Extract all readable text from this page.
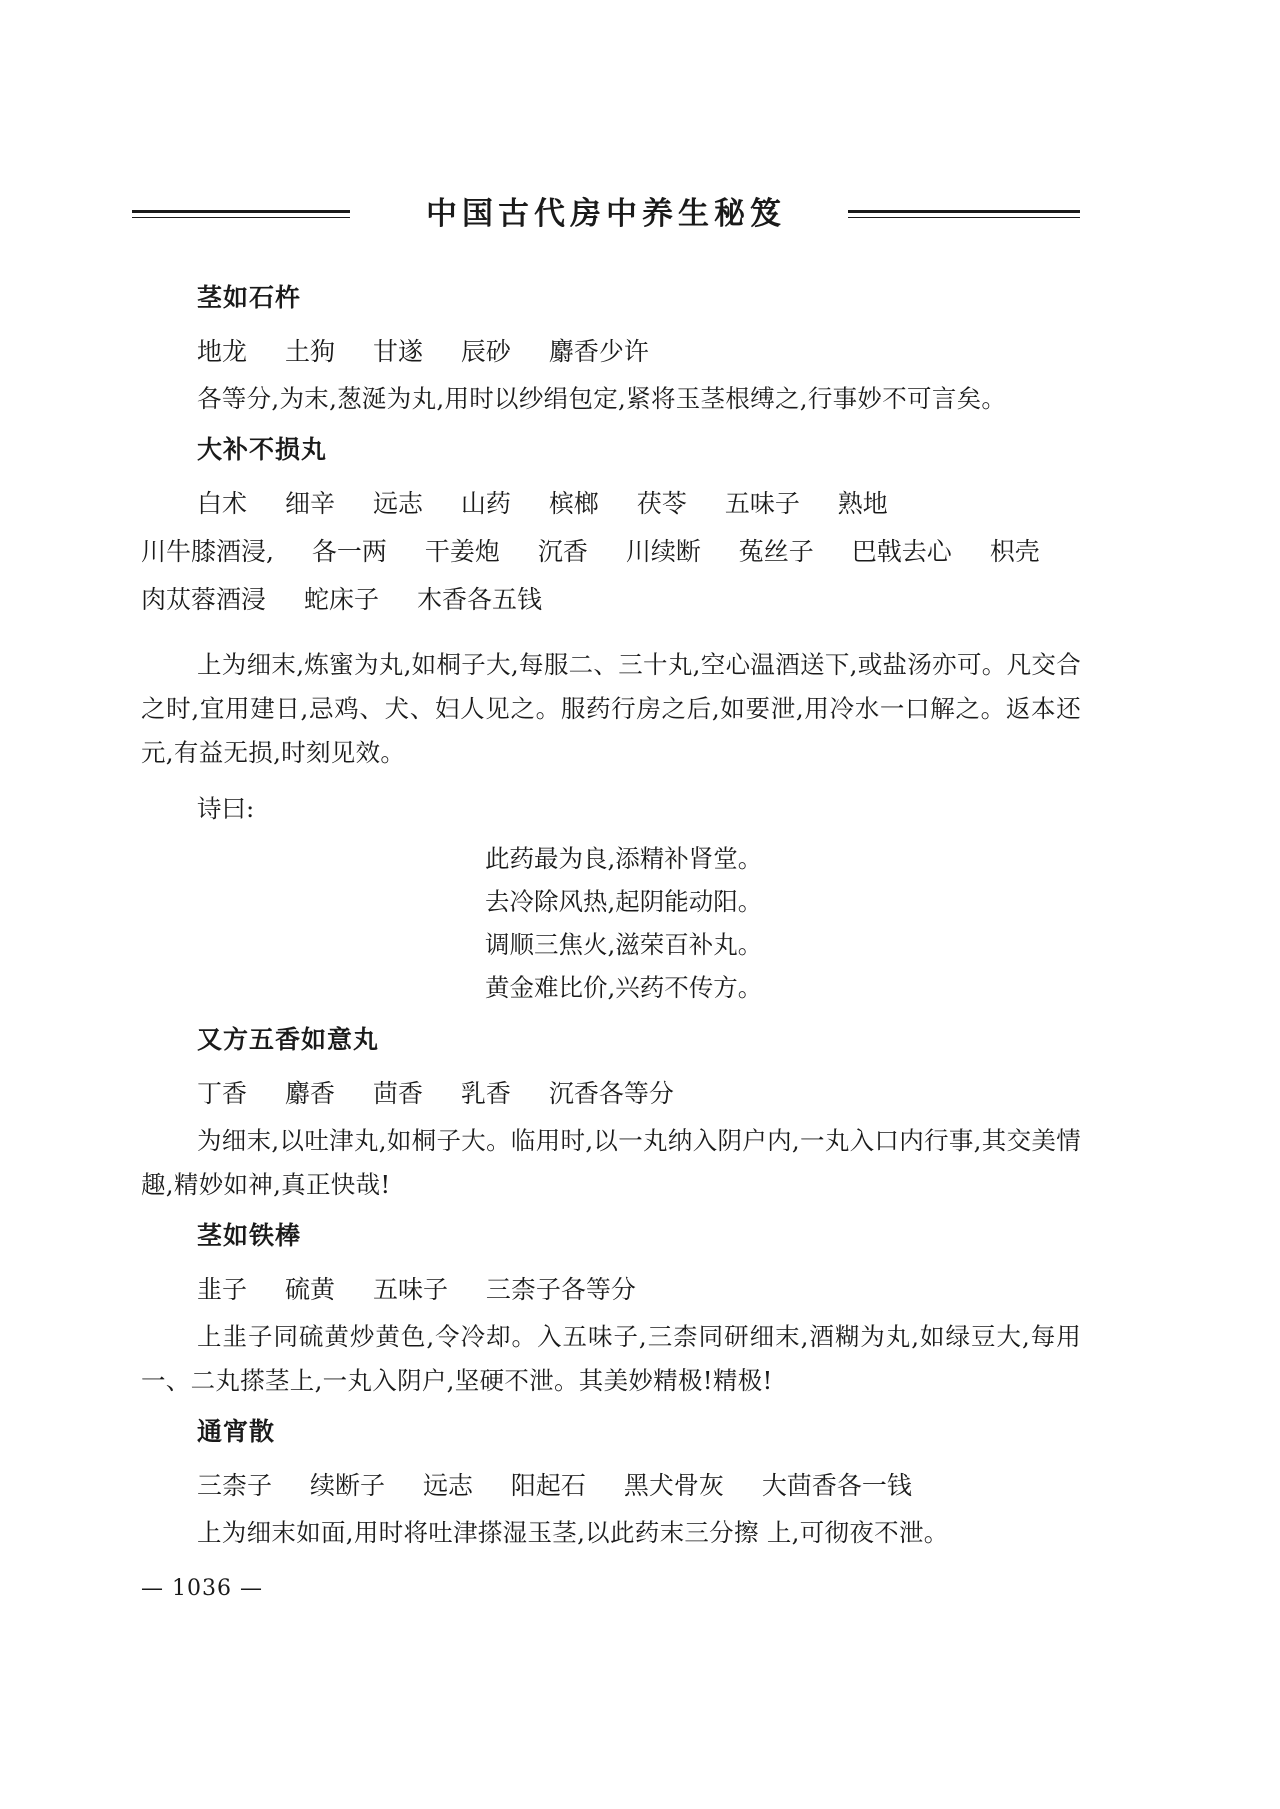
中国古代房中养生秘笈
茎如石杵
地龙 土狗 甘遂 辰砂 麝香少许

各等分,为末,葱涎为丸,用时以纱绢包定,紧将玉茎根缚之,行事妙不可言矣。

大补不损丸
白术 细辛 远志 山药 槟榔 茯苓 五味子 熟地 川牛膝酒浸, 各一两 干姜炮 沉香 川续断 菟丝子 巴戟去心 枳壳 肉苁蓉酒浸 蛇床子 木香各五钱

上为细末,炼蜜为丸,如桐子大,每服二、三十丸,空心温酒送下,或盐汤亦可。凡交合之时,宜用建日,忌鸡、犬、妇人见之。服药行房之后,如要泄,用冷水一口解之。返本还元,有益无损,时刻见效。

诗曰:
此药最为良,添精补肾堂。
去冷除风热,起阴能动阳。
调顺三焦火,滋荣百补丸。
黄金难比价,兴药不传方。
又方五香如意丸
丁香 麝香 茴香 乳香 沉香各等分

为细末,以吐津丸,如桐子大。临用时,以一丸纳入阴户内,一丸入口内行事,其交美情趣,精妙如神,真正快哉!

茎如铁棒
韭子 硫黄 五味子 三柰子各等分

上韭子同硫黄炒黄色,令冷却。入五味子,三柰同研细末,酒糊为丸,如绿豆大,每用一、二丸搽茎上,一丸入阴户,坚硬不泄。其美妙精极!精极!

通宵散
三柰子 续断子 远志 阳起石 黑犬骨灰 大茴香各一钱

上为细末如面,用时将吐津搽湿玉茎,以此药末三分擦 上,可彻夜不泄。

— 1036 —
